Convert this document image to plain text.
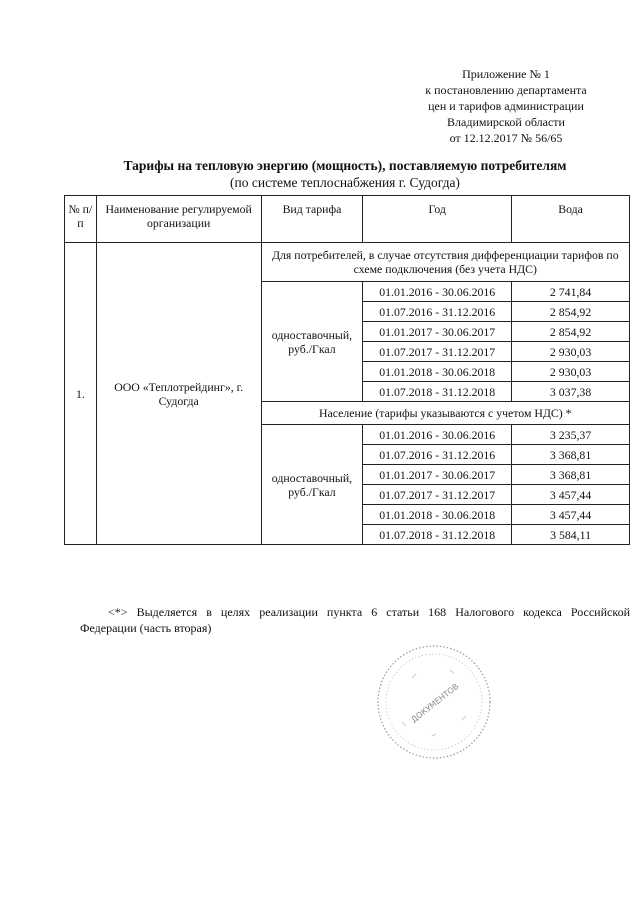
Приложение № 1
к постановлению департамента
цен и тарифов администрации
Владимирской области
от 12.12.2017 № 56/65
Тарифы на тепловую энергию (мощность), поставляемую потребителям
(по системе теплоснабжения г. Судогда)
№ п/п	Наименование регулируемой организации	Вид тарифа	Год	Вода
1.	ООО «Теплотрейдинг», г. Судогда	Для потребителей, в случае отсутствия дифференциации тарифов по схеме подключения (без учета НДС)		
		одноставочный, руб./Гкал	01.01.2016 - 30.06.2016	2 741,84
			01.07.2016 - 31.12.2016	2 854,92
			01.01.2017 - 30.06.2017	2 854,92
			01.07.2017 - 31.12.2017	2 930,03
			01.01.2018 - 30.06.2018	2 930,03
			01.07.2018 - 31.12.2018	3 037,38
		Население (тарифы указываются с учетом НДС) *		
		одноставочный, руб./Гкал	01.01.2016 - 30.06.2016	3 235,37
			01.07.2016 - 31.12.2016	3 368,81
			01.01.2017 - 30.06.2017	3 368,81
			01.07.2017 - 31.12.2017	3 457,44
			01.01.2018 - 30.06.2018	3 457,44
			01.07.2018 - 31.12.2018	3 584,11
<*> Выделяется в целях реализации пункта 6 статьи 168 Налогового кодекса Российской
Федерации (часть вторая)
ДОКУМЕНТОВ
